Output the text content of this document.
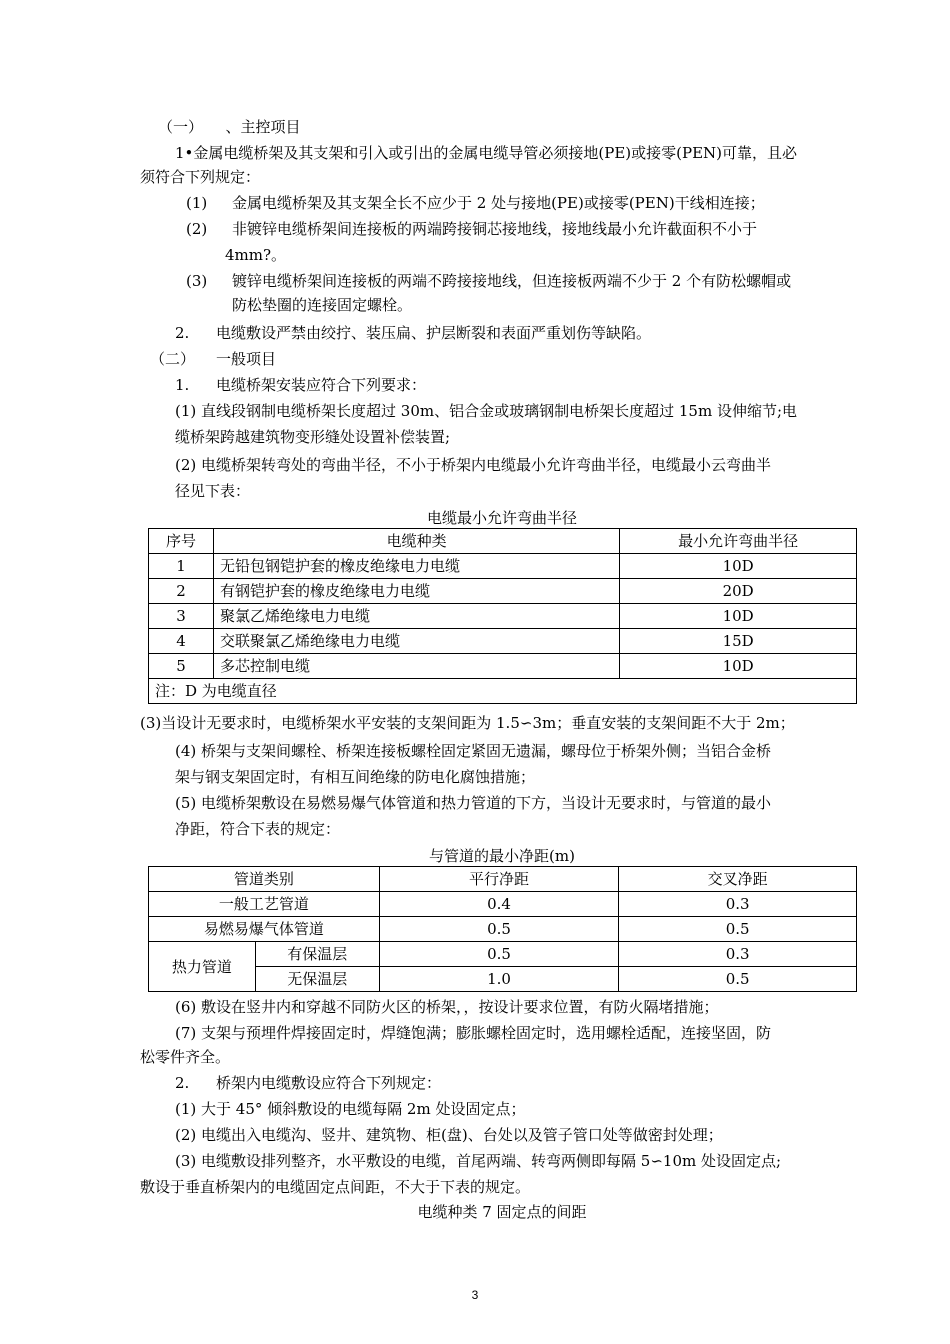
（一）　　、主控项目
1•金属电缆桥架及其支架和引入或引出的金属电缆导管必须接地(PE)或接零(PEN)可靠，且必
须符合下列规定：
(1) 金属电缆桥架及其支架全长不应少于 2 处与接地(PE)或接零(PEN)干线相连接；
(2) 非镀锌电缆桥架间连接板的两端跨接铜芯接地线，接地线最小允许截面积不小于
4mm?。
(3) 镀锌电缆桥架间连接板的两端不跨接接地线，但连接板两端不少于 2 个有防松螺帽或
防松垫圈的连接固定螺栓。
2. 电缆敷设严禁由绞拧、装压扁、护层断裂和表面严重划伤等缺陷。
（二） 一般项目
1. 电缆桥架安装应符合下列要求：
(1) 直线段钢制电缆桥架长度超过 30m、铝合金或玻璃钢制电桥架长度超过 15m 设伸缩节;电
缆桥架跨越建筑物变形缝处设置补偿装置;
(2) 电缆桥架转弯处的弯曲半径，不小于桥架内电缆最小允许弯曲半径，电缆最小云弯曲半
径见下表：
电缆最小允许弯曲半径
序号	电缆种类	最小允许弯曲半径
1	无铅包钢铠护套的橡皮绝缘电力电缆	10D
2	有钢铠护套的橡皮绝缘电力电缆	20D
3	聚氯乙烯绝缘电力电缆	10D
4	交联聚氯乙烯绝缘电力电缆	15D
5	多芯控制电缆	10D
注：D 为电缆直径		
(3)当设计无要求时，电缆桥架水平安装的支架间距为 1.5∽3m；垂直安装的支架间距不大于 2m；
(4) 桥架与支架间螺栓、桥架连接板螺栓固定紧固无遗漏，螺母位于桥架外侧；当铝合金桥
架与钢支架固定时，有相互间绝缘的防电化腐蚀措施；
(5) 电缆桥架敷设在易燃易爆气体管道和热力管道的下方，当设计无要求时，与管道的最小
净距，符合下表的规定：
与管道的最小净距(m)
管道类别		平行净距	交叉净距
一般工艺管道		0.4	0.3
易燃易爆气体管道		0.5	0.5
热力管道	有保温层	0.5	0.3
	无保温层	1.0	0.5
(6) 敷设在竖井内和穿越不同防火区的桥架，，按设计要求位置，有防火隔堵措施；
(7) 支架与预埋件焊接固定时，焊缝饱满；膨胀螺栓固定时，选用螺栓适配，连接坚固，防
松零件齐全。
2. 桥架内电缆敷设应符合下列规定：
(1) 大于 45° 倾斜敷设的电缆每隔 2m 处设固定点；
(2) 电缆出入电缆沟、竖井、建筑物、柜(盘)、台处以及管子管口处等做密封处理；
(3) 电缆敷设排列整齐，水平敷设的电缆，首尾两端、转弯两侧即每隔 5∽10m 处设固定点;
敷设于垂直桥架内的电缆固定点间距，不大于下表的规定。
电缆种类 7 固定点的间距
3
